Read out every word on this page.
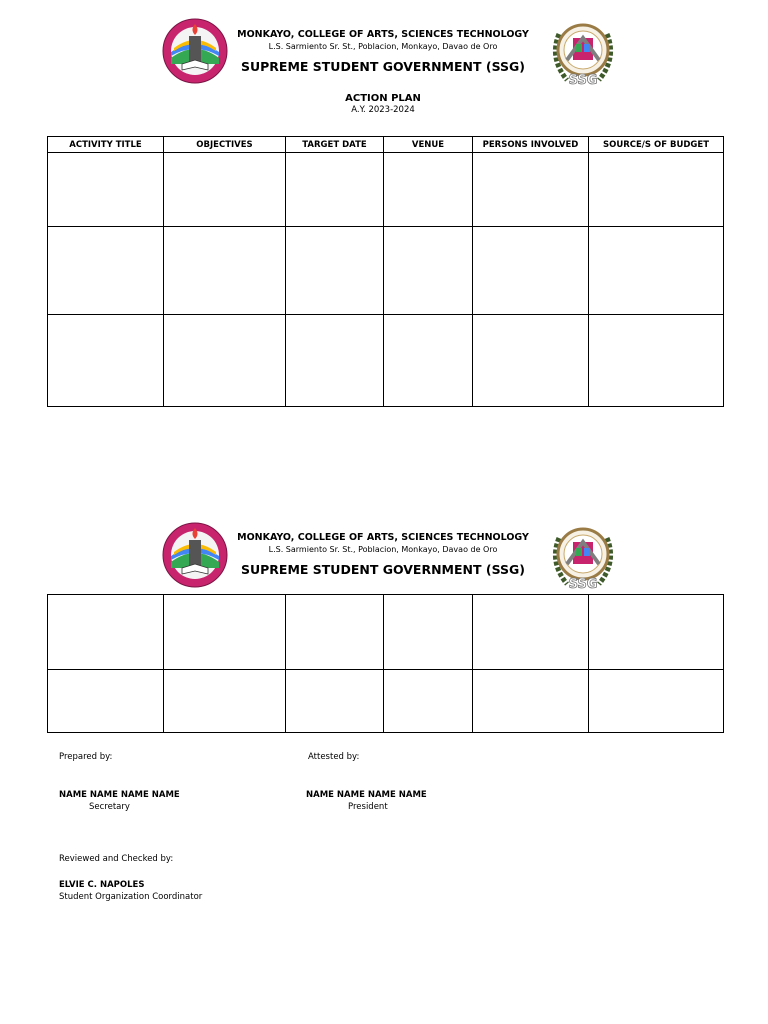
MONKAYO, COLLEGE OF ARTS, SCIENCES TECHNOLOGY
L.S. Sarmiento Sr. St., Poblacion, Monkayo, Davao de Oro
SUPREME STUDENT GOVERNMENT (SSG)
SSG
ACTION PLAN
A.Y. 2023-2024
ACTIVITY TITLE	OBJECTIVES	TARGET DATE	VENUE	PERSONS INVOLVED	SOURCE/S OF BUDGET

MONKAYO, COLLEGE OF ARTS, SCIENCES TECHNOLOGY
L.S. Sarmiento Sr. St., Poblacion, Monkayo, Davao de Oro
SUPREME STUDENT GOVERNMENT (SSG)
SSG

Prepared by:	Attested by:
NAME NAME NAME NAME
Secretary
NAME NAME NAME NAME
President
Reviewed and Checked by:
ELVIE C. NAPOLES
Student Organization Coordinator
